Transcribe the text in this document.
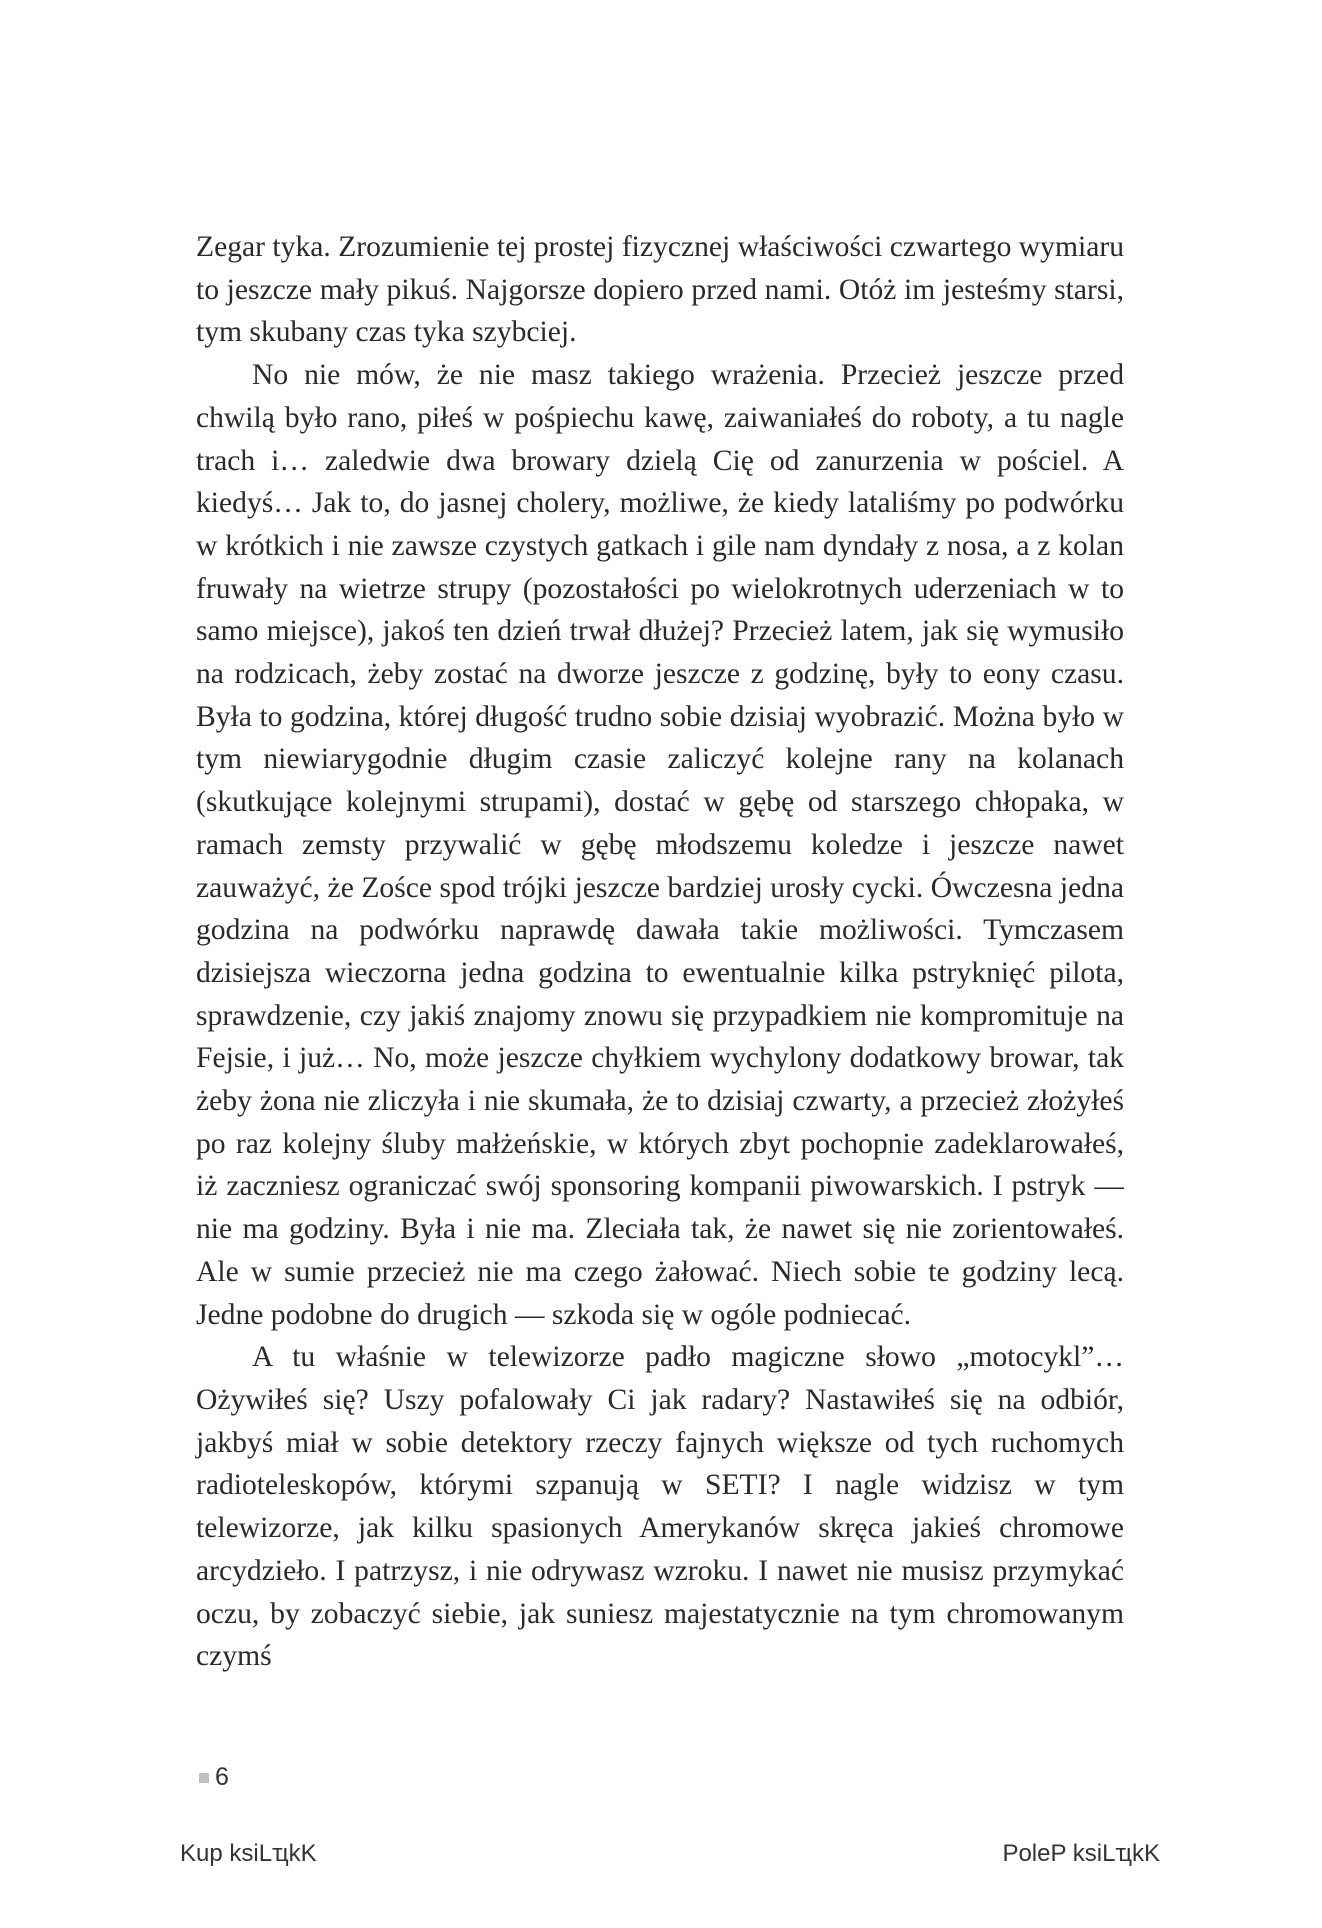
Zegar tyka. Zrozumienie tej prostej fizycznej właściwości czwartego wymiaru to jeszcze mały pikuś. Najgorsze dopiero przed nami. Otóż im jesteśmy starsi, tym skubany czas tyka szybciej.

No nie mów, że nie masz takiego wrażenia. Przecież jeszcze przed chwilą było rano, piłeś w pośpiechu kawę, zaiwaniałeś do roboty, a tu nagle trach i… zaledwie dwa browary dzielą Cię od zanurzenia w pościel. A kiedyś… Jak to, do jasnej cholery, możliwe, że kiedy lataliśmy po podwórku w krótkich i nie zawsze czystych gatkach i gile nam dyndały z nosa, a z kolan fruwały na wietrze strupy (pozostałości po wielokrotnych uderzeniach w to samo miejsce), jakoś ten dzień trwał dłużej? Przecież latem, jak się wymusiło na rodzicach, żeby zostać na dworze jeszcze z godzinę, były to eony czasu. Była to godzina, której długość trudno sobie dzisiaj wyobrazić. Można było w tym niewiarygodnie długim czasie zaliczyć kolejne rany na kolanach (skutkujące kolejnymi strupami), dostać w gębę od starszego chłopaka, w ramach zemsty przywalić w gębę młodszemu koledze i jeszcze nawet zauważyć, że Zośce spod trójki jeszcze bardziej urosły cycki. Ówczesna jedna godzina na podwórku naprawdę dawała takie możliwości. Tymczasem dzisiejsza wieczorna jedna godzina to ewentualnie kilka pstryknięć pilota, sprawdzenie, czy jakiś znajomy znowu się przypadkiem nie kompromituje na Fejsie, i już… No, może jeszcze chyłkiem wychylony dodatkowy browar, tak żeby żona nie zliczyła i nie skumała, że to dzisiaj czwarty, a przecież złożyłeś po raz kolejny śluby małżeńskie, w których zbyt pochopnie zadeklarowałeś, iż zaczniesz ograniczać swój sponsoring kompanii piwowarskich. I pstryk — nie ma godziny. Była i nie ma. Zleciała tak, że nawet się nie zorientowałeś. Ale w sumie przecież nie ma czego żałować. Niech sobie te godziny lecą. Jedne podobne do drugich — szkoda się w ogóle podniecać.

A tu właśnie w telewizorze padło magiczne słowo „motocykl”… Ożywiłeś się? Uszy pofalowały Ci jak radary? Nastawiłeś się na odbiór, jakbyś miał w sobie detektory rzeczy fajnych większe od tych ruchomych radioteleskopów, którymi szpanują w SETI? I nagle widzisz w tym telewizorze, jak kilku spasionych Amerykanów skręca jakieś chromowe arcydzieło. I patrzysz, i nie odrywasz wzroku. I nawet nie musisz przymykać oczu, by zobaczyć siebie, jak suniesz majestatycznie na tym chromowanym czymś

6
Kup ksiLҵkK	PoleP ksiLҵkK
